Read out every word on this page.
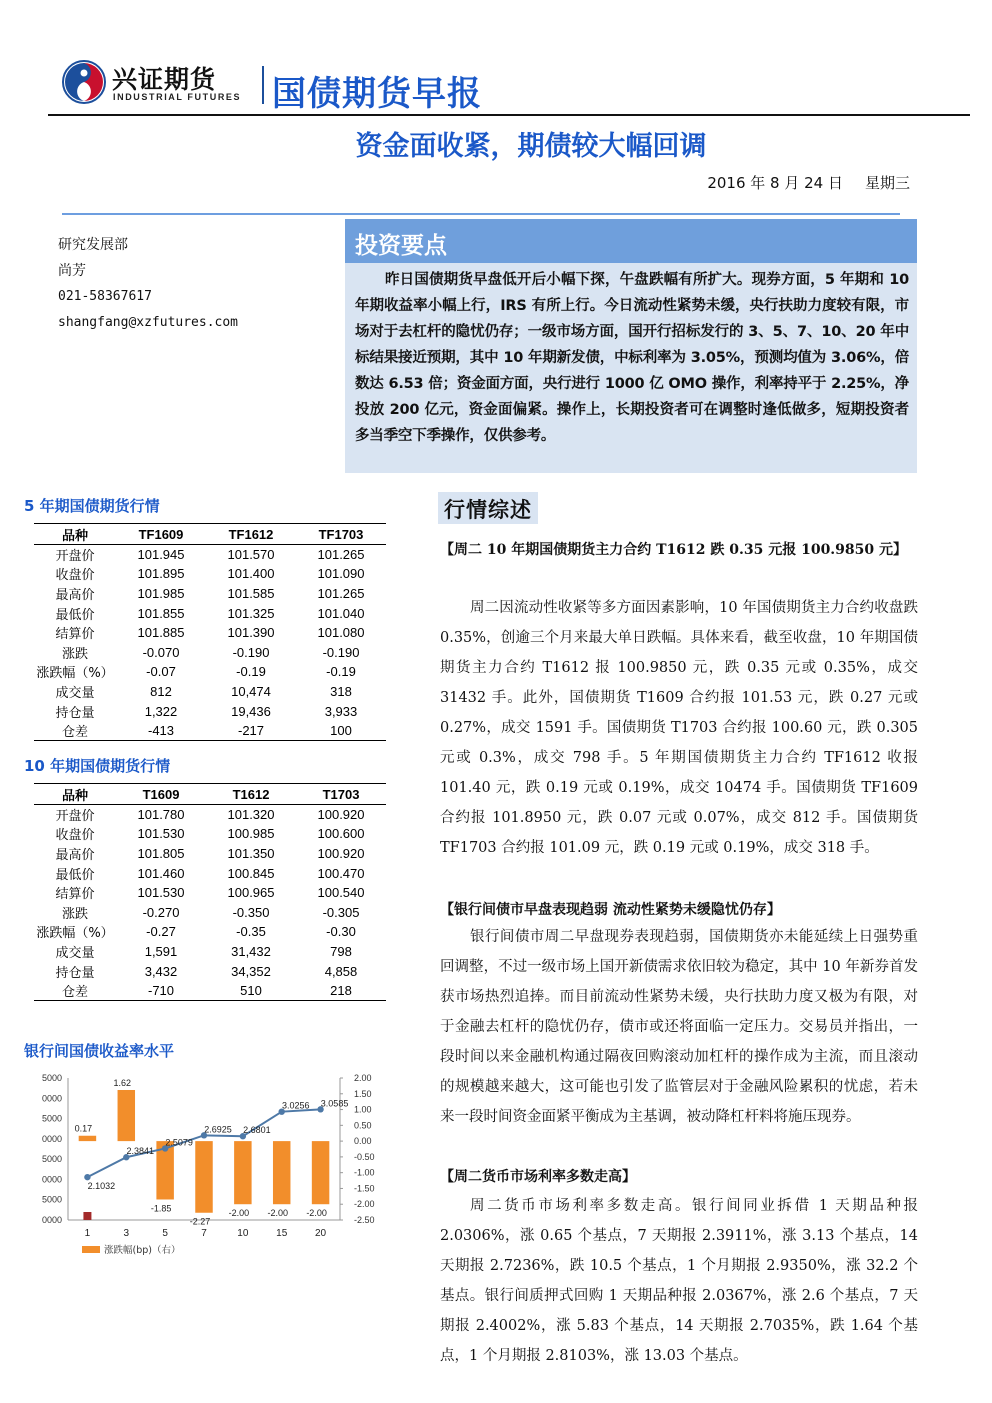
兴证期货
INDUSTRIAL FUTURES 国债期货早报
资金面收紧，期债较大幅回调
2016 年 8 月 24 日 星期三
研究发展部
尚芳
021-58367617
shangfang@xzfutures.com
投资要点
昨日国债期货早盘低开后小幅下探，午盘跌幅有所扩大。现券方面，5 年期和 10 年期收益率小幅上行，IRS 有所上行。今日流动性紧势未缓，央行扶助力度较有限，市场对于去杠杆的隐忧仍存；一级市场方面，国开行招标发行的 3、5、7、10、20 年中标结果接近预期，其中 10 年期新发债，中标利率为 3.05%，预测均值为 3.06%，倍数达 6.53 倍；资金面方面，央行进行 1000 亿 OMO 操作，利率持平于 2.25%，净投放 200 亿元，资金面偏紧。操作上，长期投资者可在调整时逢低做多，短期投资者多当季空下季操作，仅供参考。
5 年期国债期货行情
品种	TF1609	TF1612	TF1703
开盘价	101.945	101.570	101.265
收盘价	101.895	101.400	101.090
最高价	101.985	101.585	101.265
最低价	101.855	101.325	101.040
结算价	101.885	101.390	101.080
涨跌	-0.070	-0.190	-0.190
涨跌幅（%）	-0.07	-0.19	-0.19
成交量	812	10,474	318
持仓量	1,322	19,436	3,933
仓差	-413	-217	100
10 年期国债期货行情
品种	T1609	T1612	T1703
开盘价	101.780	101.320	100.920
收盘价	101.530	100.985	100.600
最高价	101.805	101.350	100.920
最低价	101.460	100.845	100.470
结算价	101.530	100.965	100.540
涨跌	-0.270	-0.350	-0.305
涨跌幅（%）	-0.27	-0.35	-0.30
成交量	1,591	31,432	798
持仓量	3,432	34,352	4,858
仓差	-710	510	218
银行间国债收益率水平
5000
0000
5000
0000
5000
0000
5000
0000
2.00
1.50
1.00
0.50
0.00
-0.50
-1.00
-1.50
-2.00
-2.50
0.17
1.62
-1.85
-2.27
-2.00 -2.00 -2.00
2.1032
2.3841
2.5079
2.6925 2.6801
3.0256 3.0585
1	3	5	7	10	15	20
涨跌幅(bp)（右）
行情综述
【周二 10 年期国债期货主力合约 T1612 跌 0.35 元报 100.9850 元】
周二因流动性收紧等多方面因素影响，10 年国债期货主力合约收盘跌 0.35%，创逾三个月来最大单日跌幅。具体来看，截至收盘，10 年期国债期货主力合约 T1612 报 100.9850 元，跌 0.35 元或 0.35%，成交 31432 手。此外，国债期货 T1609 合约报 101.53 元，跌 0.27 元或 0.27%，成交 1591 手。国债期货 T1703 合约报 100.60 元，跌 0.305 元或 0.3%，成交 798 手。5 年期国债期货主力合约 TF1612 收报 101.40 元，跌 0.19 元或 0.19%，成交 10474 手。国债期货 TF1609 合约报 101.8950 元，跌 0.07 元或 0.07%，成交 812 手。国债期货 TF1703 合约报 101.09 元，跌 0.19 元或 0.19%，成交 318 手。
【银行间债市早盘表现趋弱 流动性紧势未缓隐忧仍存】
银行间债市周二早盘现券表现趋弱，国债期货亦未能延续上日强势重回调整，不过一级市场上国开新债需求依旧较为稳定，其中 10 年新券首发获市场热烈追捧。而目前流动性紧势未缓，央行扶助力度又极为有限，对于金融去杠杆的隐忧仍存，债市或还将面临一定压力。交易员并指出，一段时间以来金融机构通过隔夜回购滚动加杠杆的操作成为主流，而且滚动的规模越来越大，这可能也引发了监管层对于金融风险累积的忧虑，若未来一段时间资金面紧平衡成为主基调，被动降杠杆料将施压现券。
【周二货币市场利率多数走高】
周二货币市场利率多数走高。银行间同业拆借 1 天期品种报 2.0306%，涨 0.65 个基点，7 天期报 2.3911%，涨 3.13 个基点，14 天期报 2.7236%，跌 10.5 个基点，1 个月期报 2.9350%，涨 32.2 个基点。银行间质押式回购 1 天期品种报 2.0367%，涨 2.6 个基点，7 天期报 2.4002%，涨 5.83 个基点，14 天期报 2.7035%，跌 1.64 个基点，1 个月期报 2.8103%，涨 13.03 个基点。
